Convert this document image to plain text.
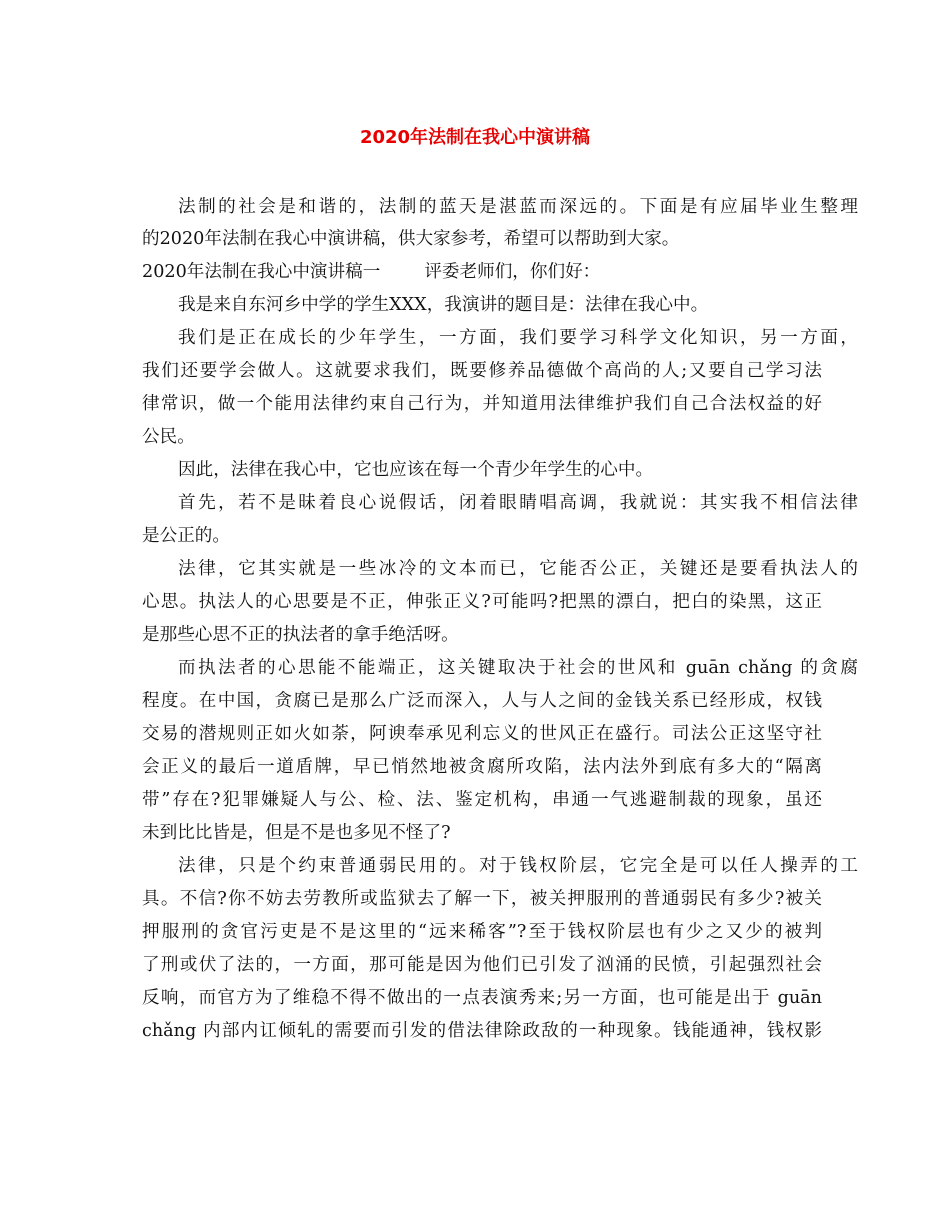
2020年法制在我心中演讲稿
法制的社会是和谐的，法制的蓝天是湛蓝而深远的。下面是有应届毕业生整理
的2020年法制在我心中演讲稿，供大家参考，希望可以帮助到大家。
2020年法制在我心中演讲稿一	评委老师们，你们好：
我是来自东河乡中学的学生XXX，我演讲的题目是：法律在我心中。
我们是正在成长的少年学生，一方面，我们要学习科学文化知识，另一方面，
我们还要学会做人。这就要求我们，既要修养品德做个高尚的人;又要自己学习法
律常识，做一个能用法律约束自己行为，并知道用法律维护我们自己合法权益的好
公民。
因此，法律在我心中，它也应该在每一个青少年学生的心中。
首先，若不是昧着良心说假话，闭着眼睛唱高调，我就说：其实我不相信法律
是公正的。
法律，它其实就是一些冰冷的文本而已，它能否公正，关键还是要看执法人的
心思。执法人的心思要是不正，伸张正义?可能吗?把黑的漂白，把白的染黑，这正
是那些心思不正的执法者的拿手绝活呀。
而执法者的心思能不能端正，这关键取决于社会的世风和 guān chǎng 的贪腐
程度。在中国，贪腐已是那么广泛而深入，人与人之间的金钱关系已经形成，权钱
交易的潜规则正如火如荼，阿谀奉承见利忘义的世风正在盛行。司法公正这坚守社
会正义的最后一道盾牌，早已悄然地被贪腐所攻陷，法内法外到底有多大的“隔离
带”存在?犯罪嫌疑人与公、检、法、鉴定机构，串通一气逃避制裁的现象，虽还
未到比比皆是，但是不是也多见不怪了?
法律，只是个约束普通弱民用的。对于钱权阶层，它完全是可以任人操弄的工
具。不信?你不妨去劳教所或监狱去了解一下，被关押服刑的普通弱民有多少?被关
押服刑的贪官污吏是不是这里的“远来稀客”?至于钱权阶层也有少之又少的被判
了刑或伏了法的，一方面，那可能是因为他们已引发了汹涌的民愤，引起强烈社会
反响，而官方为了维稳不得不做出的一点表演秀来;另一方面，也可能是出于 guān
chǎng 内部内讧倾轧的需要而引发的借法律除政敌的一种现象。钱能通神，钱权影
